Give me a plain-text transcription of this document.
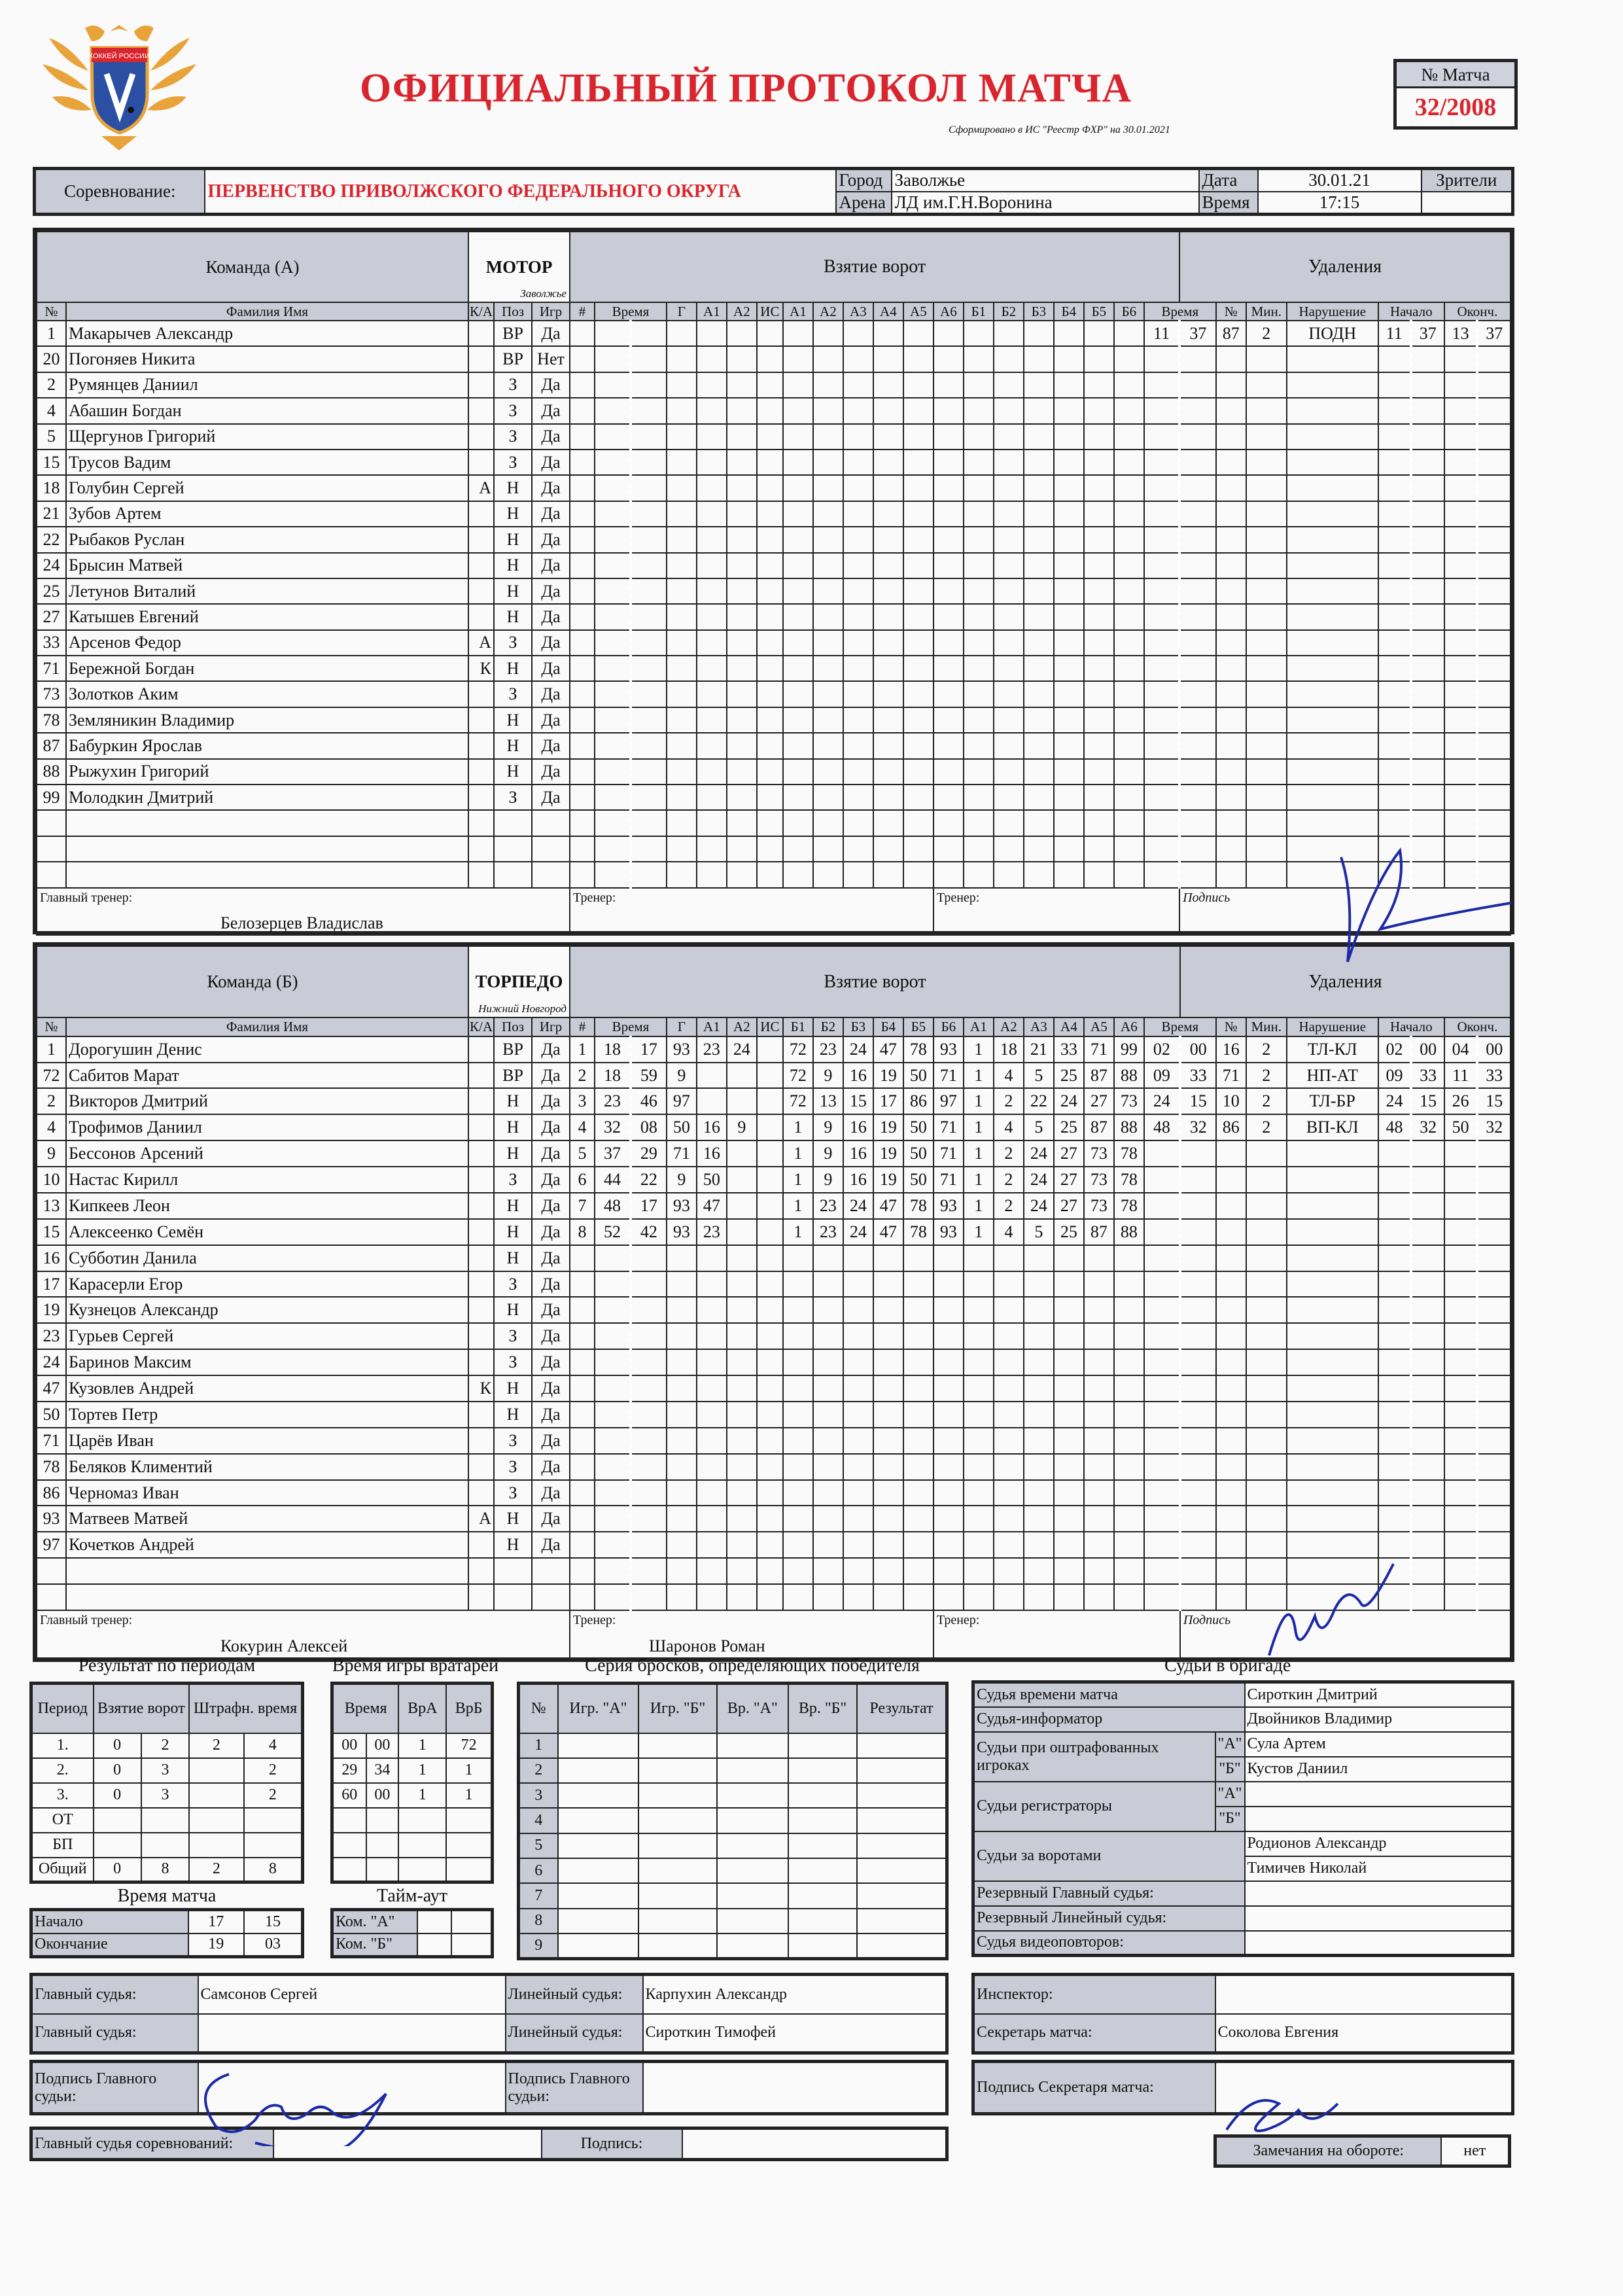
ХОККЕЙ РОССИИ
ОФИЦИАЛЬНЫЙ ПРОТОКОЛ МАТЧА
Сформировано в ИС "Реестр ФХР" на 30.01.2021
№ Матча
32/2008
Соревнование:	ПЕРВЕНСТВО ПРИВОЛЖСКОГО ФЕДЕРАЛЬНОГО ОКРУГА	Город	Заволжье	Дата	30.01.21	Зрители
		Арена	ЛД им.Г.Н.Воронина	Время	17:15	
Команда (А)		МОТОР
Заволжье			Взятие ворот																				Удаления							
№	Фамилия Имя	К/А	Поз	Игр	#	Время		Г	А1	А2	ИС	А1	А2	А3	А4	А5	А6	Б1	Б2	Б3	Б4	Б5	Б6	Время		№	Мин.	Нарушение	Начало		Оконч.	
1	Макарычев Александр		ВР	Да																				11	37	87	2	ПОДН	11	37	13	37
20	Погоняев Никита		ВР	Нет																												
2	Румянцев Даниил		З	Да																												
4	Абашин Богдан		З	Да																												
5	Щергунов Григорий		З	Да																												
15	Трусов Вадим		З	Да																												
18	Голубин Сергей	А	Н	Да																												
21	Зубов Артем		Н	Да																												
22	Рыбаков Руслан		Н	Да																												
24	Брысин Матвей		Н	Да																												
25	Летунов Виталий		Н	Да																												
27	Катышев Евгений		Н	Да																												
33	Арсенов Федор	А	З	Да																												
71	Бережной Богдан	К	Н	Да																												
73	Золотков Аким		З	Да																												
78	Земляникин Владимир		Н	Да																												
87	Бабуркин Ярослав		Н	Да																												
88	Рыжухин Григорий		Н	Да																												
99	Молодкин Дмитрий		З	Да																												

Главный тренер:
Белозерцев Владислав					Тренер:												Тренер:								Подпись							
Команда (Б)		ТОРПЕДО
Нижний Новгород			Взятие ворот																				Удаления							
№	Фамилия Имя	К/А	Поз	Игр	#	Время		Г	А1	А2	ИС	Б1	Б2	Б3	Б4	Б5	Б6	А1	А2	А3	А4	А5	А6	Время		№	Мин.	Нарушение	Начало		Оконч.	
1	Дорогушин Денис		ВР	Да	1	18	17	93	23	24		72	23	24	47	78	93	1	18	21	33	71	99	02	00	16	2	ТЛ-КЛ	02	00	04	00
72	Сабитов Марат		ВР	Да	2	18	59	9				72	9	16	19	50	71	1	4	5	25	87	88	09	33	71	2	НП-АТ	09	33	11	33
2	Викторов Дмитрий		Н	Да	3	23	46	97				72	13	15	17	86	97	1	2	22	24	27	73	24	15	10	2	ТЛ-БР	24	15	26	15
4	Трофимов Даниил		Н	Да	4	32	08	50	16	9		1	9	16	19	50	71	1	4	5	25	87	88	48	32	86	2	ВП-КЛ	48	32	50	32
9	Бессонов Арсений		Н	Да	5	37	29	71	16			1	9	16	19	50	71	1	2	24	27	73	78									
10	Настас Кирилл		З	Да	6	44	22	9	50			1	9	16	19	50	71	1	2	24	27	73	78									
13	Кипкеев Леон		Н	Да	7	48	17	93	47			1	23	24	47	78	93	1	2	24	27	73	78									
15	Алексеенко Семён		Н	Да	8	52	42	93	23			1	23	24	47	78	93	1	4	5	25	87	88									
16	Субботин Данила		Н	Да																												
17	Карасерли Егор		З	Да																												
19	Кузнецов Александр		Н	Да																												
23	Гурьев Сергей		З	Да																												
24	Баринов Максим		З	Да																												
47	Кузовлев Андрей	К	Н	Да																												
50	Тортев Петр		Н	Да																												
71	Царёв Иван		З	Да																												
78	Беляков Климентий		З	Да																												
86	Черномаз Иван		З	Да																												
93	Матвеев Матвей	А	Н	Да																												
97	Кочетков Андрей		Н	Да																												

Главный тренер:
Кокурин Алексей					Тренер:
Шаронов Роман												Тренер:								Подпись							
Результат по периодам
Период	Взятие ворот		Штрафн. время	
1.	0	2	2	4
2.	0	3		2
3.	0	3		2
ОТ				
БП				
Общий	0	8	2	8
Время матча
Начало	17	15
Окончание	19	03
Время игры вратарей
Время		ВрА	ВрБ
00	00	1	72
29	34	1	1
60	00	1	1

Тайм-аут
Ком. "А"		
Ком. "Б"		
Серия бросков, определяющих победителя
№	Игр. "А"	Игр. "Б"	Вр. "А"	Вр. "Б"	Результат
1					
2					
3					
4					
5					
6					
7					
8					
9					
Судьи в бригаде
Судья времени матча		Сироткин Дмитрий
Судья-информатор		Двойников Владимир
Судьи при оштрафованных игроках	"А"	Сула Артем
	"Б"	Кустов Даниил
Судьи регистраторы	"А"	
	"Б"	
Судьи за воротами		Родионов Александр
		Тимичев Николай
Резервный Главный судья:		
Резервный Линейный судья:		
Судья видеоповторов:		
Главный судья:	Самсонов Сергей	Линейный судья:	Карпухин Александр
Главный судья:		Линейный судья:	Сироткин Тимофей
Инспектор:	
Секретарь матча:	Соколова Евгения
Подпись Главного судьи:		Подпись Главного судьи:	
Подпись Секретаря матча:	
Главный судья соревнований:		Подпись:		Замечания на обороте:	нет
